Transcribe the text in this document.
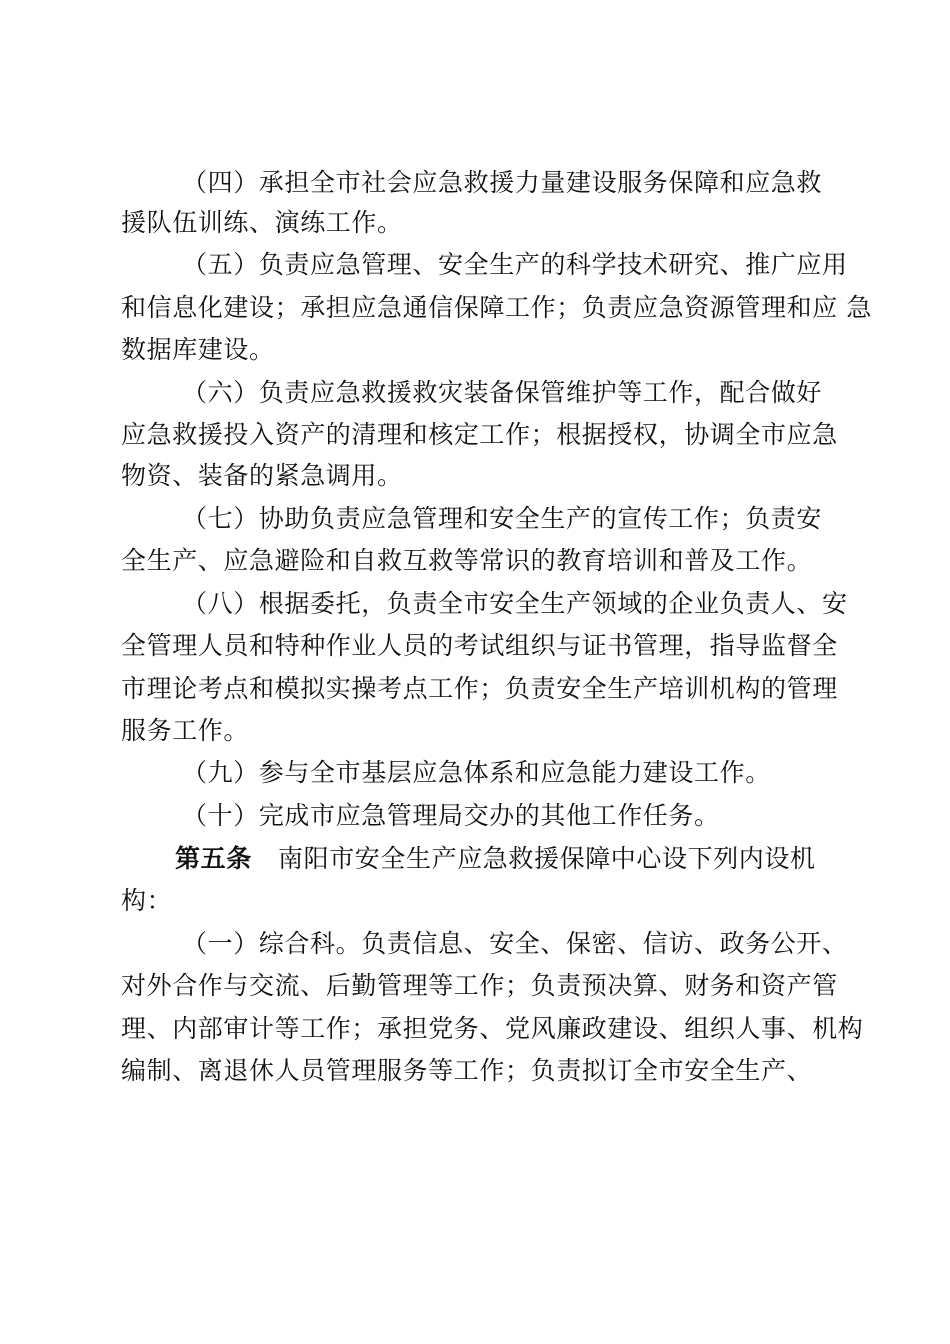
（四）承担全市社会应急救援力量建设服务保障和应急救
援队伍训练、演练工作。
（五）负责应急管理、安全生产的科学技术研究、推广应用
和信息化建设；承担应急通信保障工作；负责应急资源管理和应 急
数据库建设。
（六）负责应急救援救灾装备保管维护等工作，配合做好
应急救援投入资产的清理和核定工作；根据授权，协调全市应急
物资、装备的紧急调用。
（七）协助负责应急管理和安全生产的宣传工作；负责安
全生产、应急避险和自救互救等常识的教育培训和普及工作。
（八）根据委托，负责全市安全生产领域的企业负责人、安
全管理人员和特种作业人员的考试组织与证书管理，指导监督全
市理论考点和模拟实操考点工作；负责安全生产培训机构的管理
服务工作。
（九）参与全市基层应急体系和应急能力建设工作。
（十）完成市应急管理局交办的其他工作任务。
第五条 南阳市安全生产应急救援保障中心设下列内设机
构：
（一）综合科。负责信息、安全、保密、信访、政务公开、
对外合作与交流、后勤管理等工作；负责预决算、财务和资产管
理、内部审计等工作；承担党务、党风廉政建设、组织人事、机构
编制、离退休人员管理服务等工作；负责拟订全市安全生产、
